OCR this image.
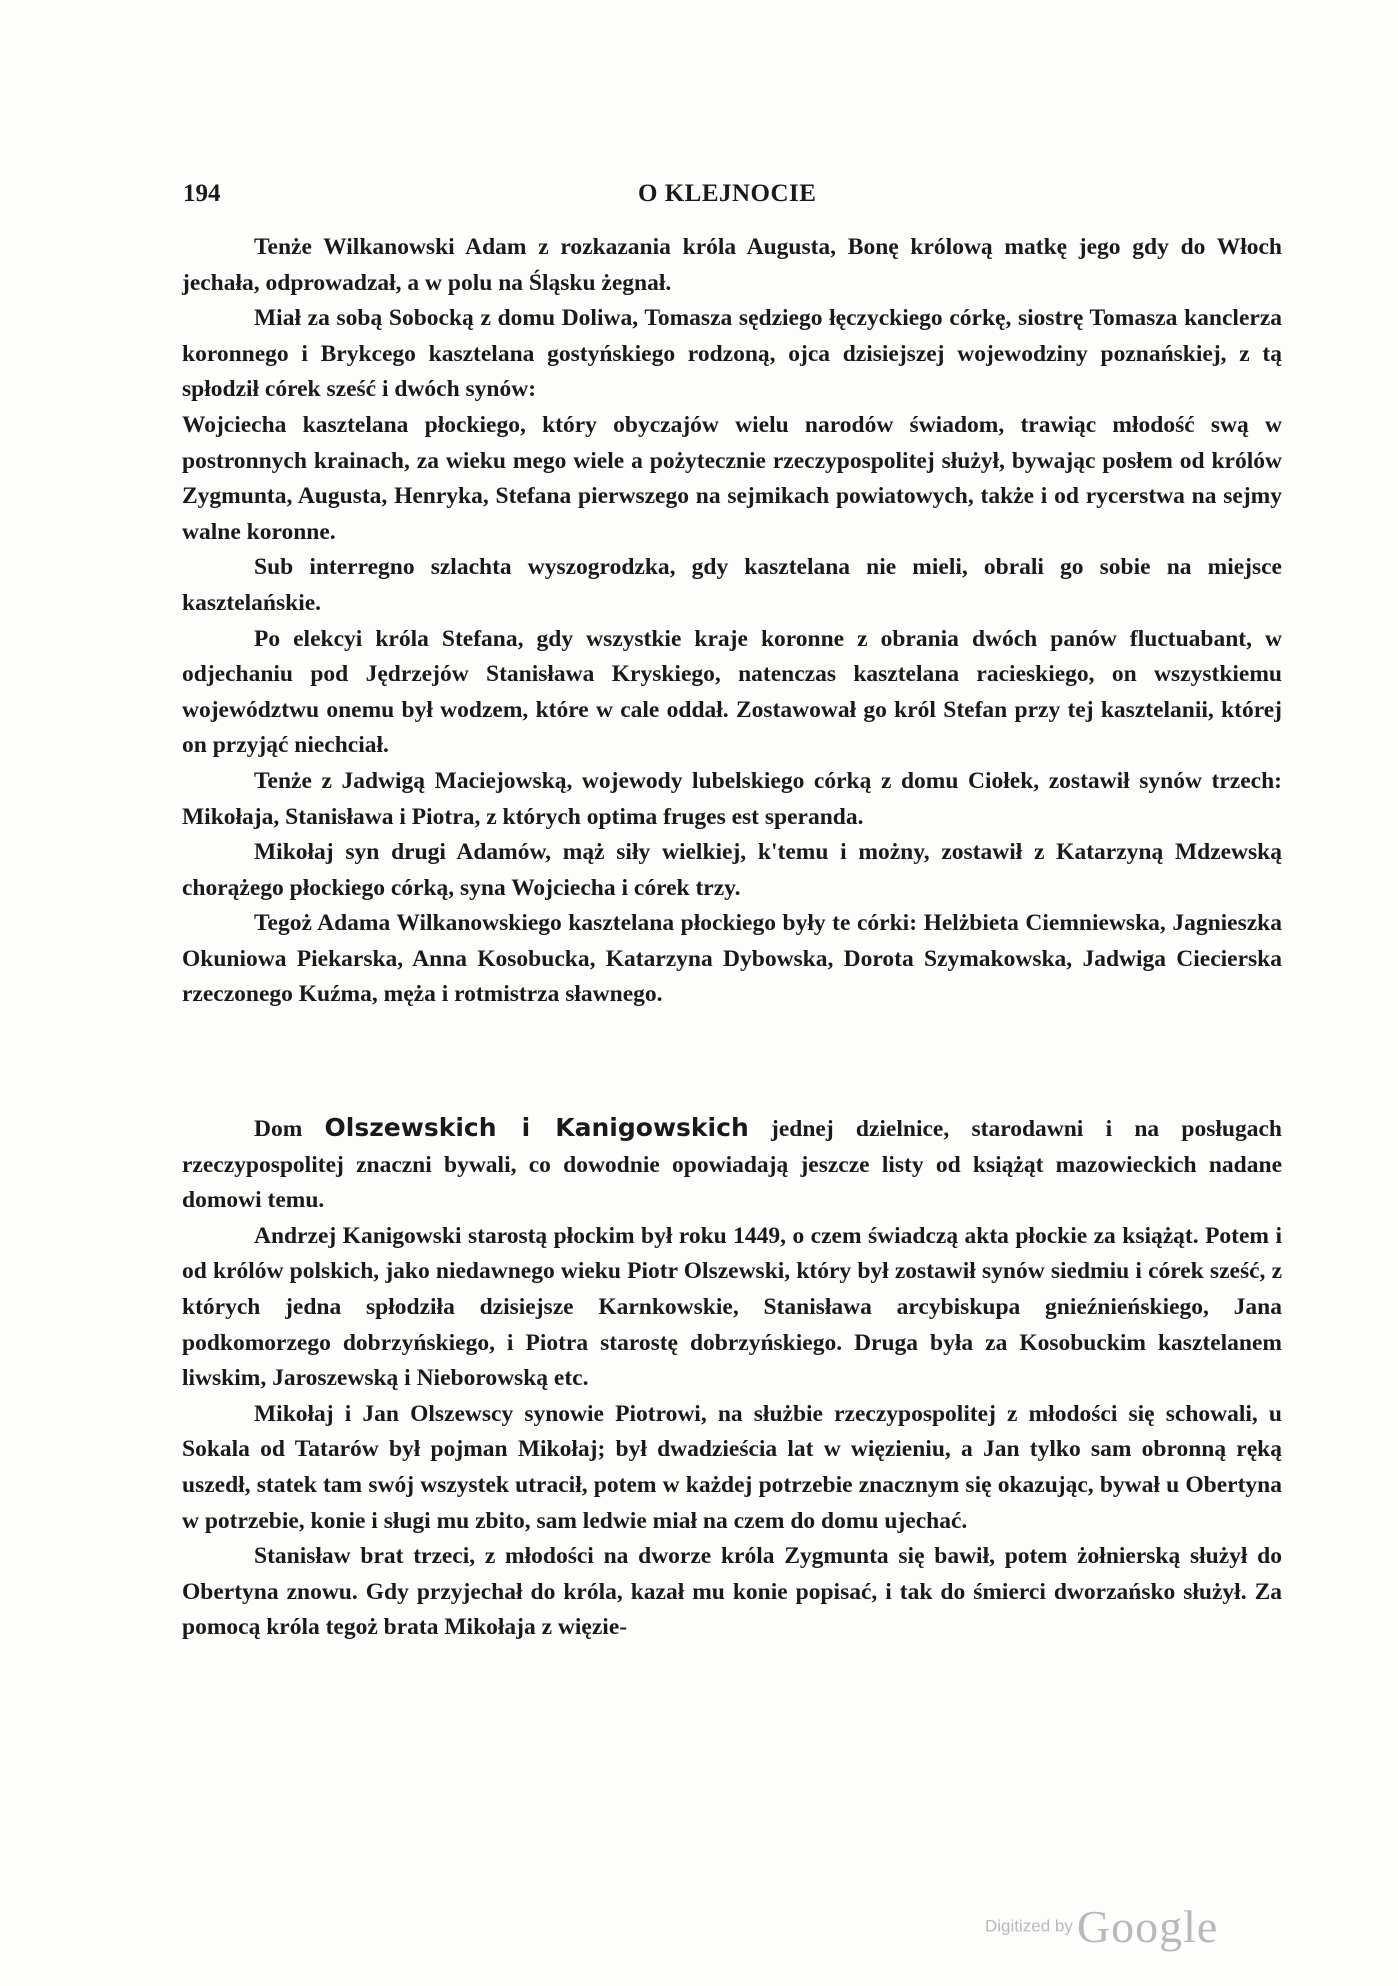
194	O KLEJNOCIE

Tenże Wilkanowski Adam z rozkazania króla Augusta, Bonę królową matkę jego gdy do Włoch jechała, odprowadzał, a w polu na Śląsku żegnał.

Miał za sobą Sobocką z domu Doliwa, Tomasza sędziego łęczyckiego córkę, siostrę Tomasza kanclerza koronnego i Brykcego kasztelana gostyńskiego rodzoną, ojca dzisiejszej wojewodziny poznańskiej, z tą spłodził córek sześć i dwóch synów:

Wojciecha kasztelana płockiego, który obyczajów wielu narodów świadom, trawiąc młodość swą w postronnych krainach, za wieku mego wiele a pożytecznie rzeczypospolitej służył, bywając posłem od królów Zygmunta, Augusta, Henryka, Stefana pierwszego na sejmikach powiatowych, także i od rycerstwa na sejmy walne koronne.

Sub interregno szlachta wyszogrodzka, gdy kasztelana nie mieli, obrali go sobie na miejsce kasztelańskie.

Po elekcyi króla Stefana, gdy wszystkie kraje koronne z obrania dwóch panów fluctuabant, w odjechaniu pod Jędrzejów Stanisława Kryskiego, natenczas kasztelana racieskiego, on wszystkiemu województwu onemu był wodzem, które w cale oddał. Zostawował go król Stefan przy tej kasztelanii, której on przyjąć niechciał.

Tenże z Jadwigą Maciejowską, wojewody lubelskiego córką z domu Ciołek, zostawił synów trzech: Mikołaja, Stanisława i Piotra, z których optima fruges est speranda.

Mikołaj syn drugi Adamów, mąż siły wielkiej, k'temu i możny, zostawił z Katarzyną Mdzewską chorążego płockiego córką, syna Wojciecha i córek trzy.

Tegoż Adama Wilkanowskiego kasztelana płockiego były te córki: Helżbieta Ciemniewska, Jagnieszka Okuniowa Piekarska, Anna Kosobucka, Katarzyna Dybowska, Dorota Szymakowska, Jadwiga Ciecierska rzeczonego Kuźma, męża i rotmistrza sławnego.

Dom Olszewskich i Kanigowskich jednej dzielnice, starodawni i na posługach rzeczypospolitej znaczni bywali, co dowodnie opowiadają jeszcze listy od książąt mazowieckich nadane domowi temu.

Andrzej Kanigowski starostą płockim był roku 1449, o czem świadczą akta płockie za książąt. Potem i od królów polskich, jako niedawnego wieku Piotr Olszewski, który był zostawił synów siedmiu i córek sześć, z których jedna spłodziła dzisiejsze Karnkowskie, Stanisława arcybiskupa gnieźnieńskiego, Jana podkomorzego dobrzyńskiego, i Piotra starostę dobrzyńskiego. Druga była za Kosobuckim kasztelanem liwskim, Jaroszewską i Nieborowską etc.

Mikołaj i Jan Olszewscy synowie Piotrowi, na służbie rzeczypospolitej z młodości się schowali, u Sokala od Tatarów był pojman Mikołaj; był dwadzieścia lat w więzieniu, a Jan tylko sam obronną ręką uszedł, statek tam swój wszystek utracił, potem w każdej potrzebie znacznym się okazując, bywał u Obertyna w potrzebie, konie i sługi mu zbito, sam ledwie miał na czem do domu ujechać.

Stanisław brat trzeci, z młodości na dworze króla Zygmunta się bawił, potem żołnierską służył do Obertyna znowu. Gdy przyjechał do króla, kazał mu konie popisać, i tak do śmierci dworzańsko służył. Za pomocą króla tegoż brata Mikołaja z więzie-

Digitized by Google
